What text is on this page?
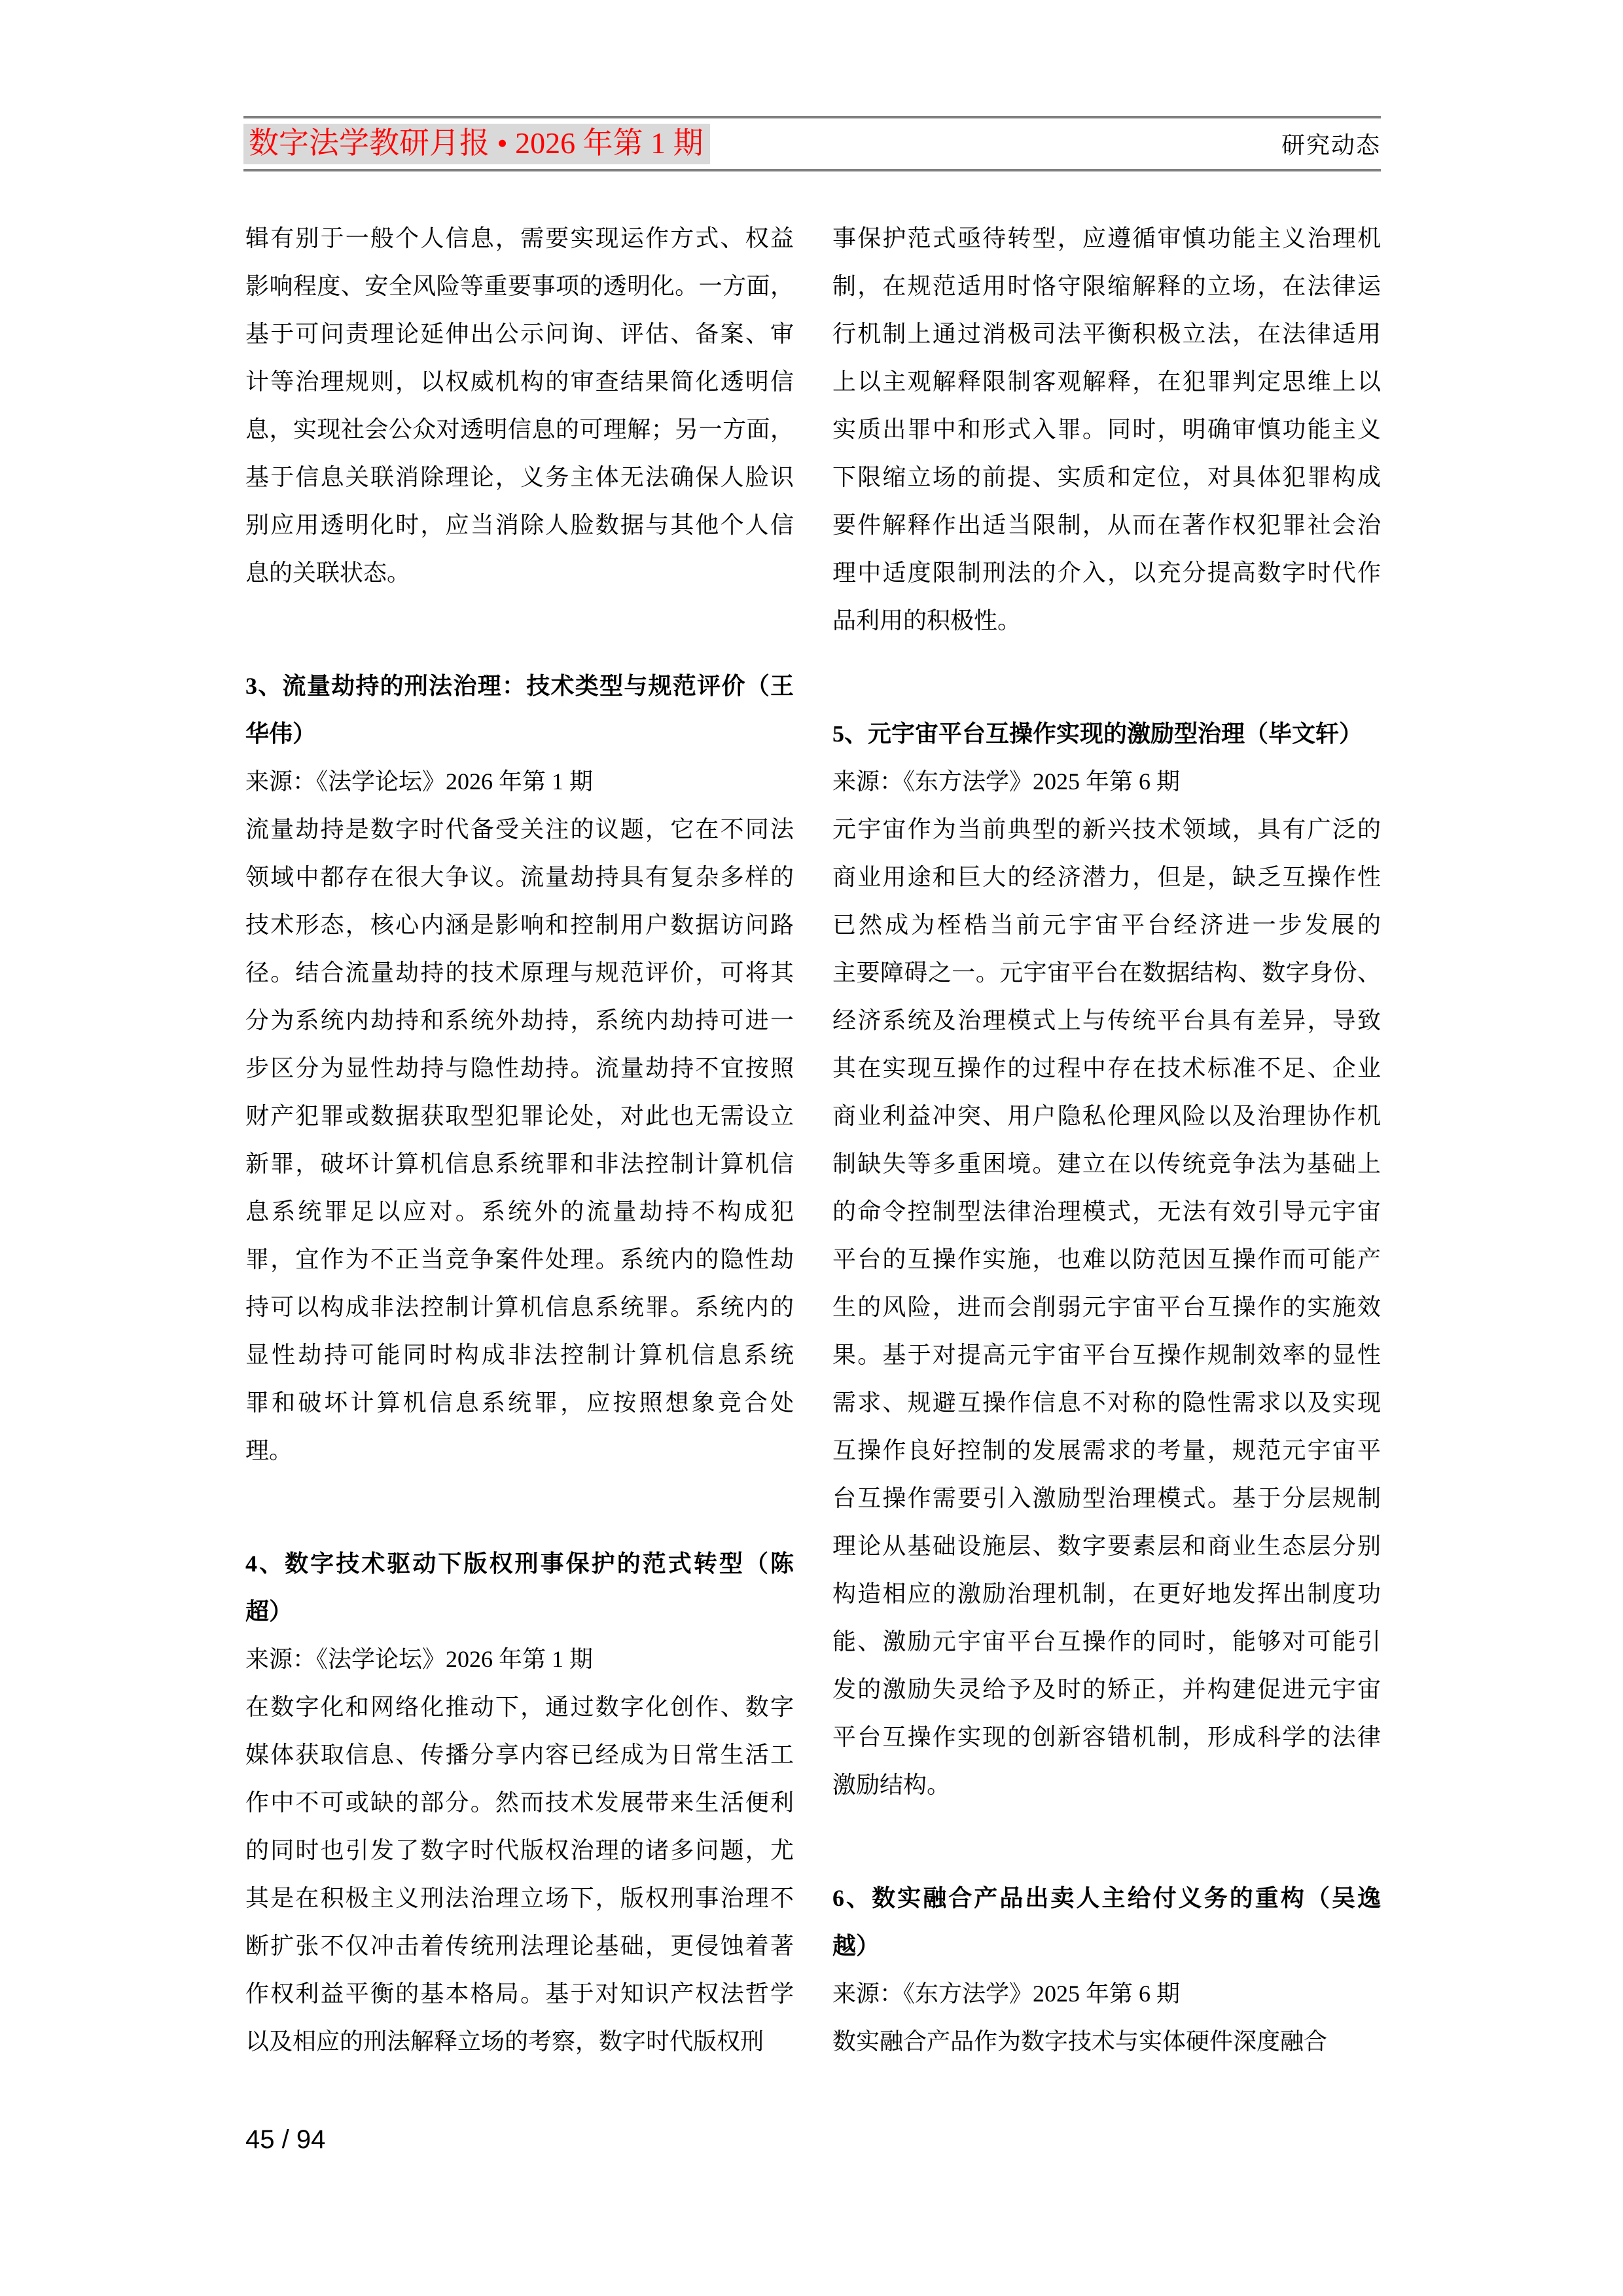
数字法学教研月报 • 2026 年第 1 期	研究动态
辑有别于一般个人信息，需要实现运作方式、权益
影响程度、安全风险等重要事项的透明化。一方面，
基于可问责理论延伸出公示问询、评估、备案、审
计等治理规则，以权威机构的审查结果简化透明信
息，实现社会公众对透明信息的可理解；另一方面，
基于信息关联消除理论，义务主体无法确保人脸识
别应用透明化时，应当消除人脸数据与其他个人信
息的关联状态。
3、流量劫持的刑法治理：技术类型与规范评价（王
华伟）
来源：《法学论坛》2026 年第 1 期
流量劫持是数字时代备受关注的议题，它在不同法
领域中都存在很大争议。流量劫持具有复杂多样的
技术形态，核心内涵是影响和控制用户数据访问路
径。结合流量劫持的技术原理与规范评价，可将其
分为系统内劫持和系统外劫持，系统内劫持可进一
步区分为显性劫持与隐性劫持。流量劫持不宜按照
财产犯罪或数据获取型犯罪论处，对此也无需设立
新罪，破坏计算机信息系统罪和非法控制计算机信
息系统罪足以应对。系统外的流量劫持不构成犯
罪，宜作为不正当竞争案件处理。系统内的隐性劫
持可以构成非法控制计算机信息系统罪。系统内的
显性劫持可能同时构成非法控制计算机信息系统
罪和破坏计算机信息系统罪，应按照想象竞合处
理。
4、数字技术驱动下版权刑事保护的范式转型（陈
超）
来源：《法学论坛》2026 年第 1 期
在数字化和网络化推动下，通过数字化创作、数字
媒体获取信息、传播分享内容已经成为日常生活工
作中不可或缺的部分。然而技术发展带来生活便利
的同时也引发了数字时代版权治理的诸多问题，尤
其是在积极主义刑法治理立场下，版权刑事治理不
断扩张不仅冲击着传统刑法理论基础，更侵蚀着著
作权利益平衡的基本格局。基于对知识产权法哲学
以及相应的刑法解释立场的考察，数字时代版权刑
事保护范式亟待转型，应遵循审慎功能主义治理机
制，在规范适用时恪守限缩解释的立场，在法律运
行机制上通过消极司法平衡积极立法，在法律适用
上以主观解释限制客观解释，在犯罪判定思维上以
实质出罪中和形式入罪。同时，明确审慎功能主义
下限缩立场的前提、实质和定位，对具体犯罪构成
要件解释作出适当限制，从而在著作权犯罪社会治
理中适度限制刑法的介入，以充分提高数字时代作
品利用的积极性。
5、元宇宙平台互操作实现的激励型治理（毕文轩）
来源：《东方法学》2025 年第 6 期
元宇宙作为当前典型的新兴技术领域，具有广泛的
商业用途和巨大的经济潜力，但是，缺乏互操作性
已然成为桎梏当前元宇宙平台经济进一步发展的
主要障碍之一。元宇宙平台在数据结构、数字身份、
经济系统及治理模式上与传统平台具有差异，导致
其在实现互操作的过程中存在技术标准不足、企业
商业利益冲突、用户隐私伦理风险以及治理协作机
制缺失等多重困境。建立在以传统竞争法为基础上
的命令控制型法律治理模式，无法有效引导元宇宙
平台的互操作实施，也难以防范因互操作而可能产
生的风险，进而会削弱元宇宙平台互操作的实施效
果。基于对提高元宇宙平台互操作规制效率的显性
需求、规避互操作信息不对称的隐性需求以及实现
互操作良好控制的发展需求的考量，规范元宇宙平
台互操作需要引入激励型治理模式。基于分层规制
理论从基础设施层、数字要素层和商业生态层分别
构造相应的激励治理机制，在更好地发挥出制度功
能、激励元宇宙平台互操作的同时，能够对可能引
发的激励失灵给予及时的矫正，并构建促进元宇宙
平台互操作实现的创新容错机制，形成科学的法律
激励结构。
6、数实融合产品出卖人主给付义务的重构（吴逸
越）
来源：《东方法学》2025 年第 6 期
数实融合产品作为数字技术与实体硬件深度融合
45 / 94
